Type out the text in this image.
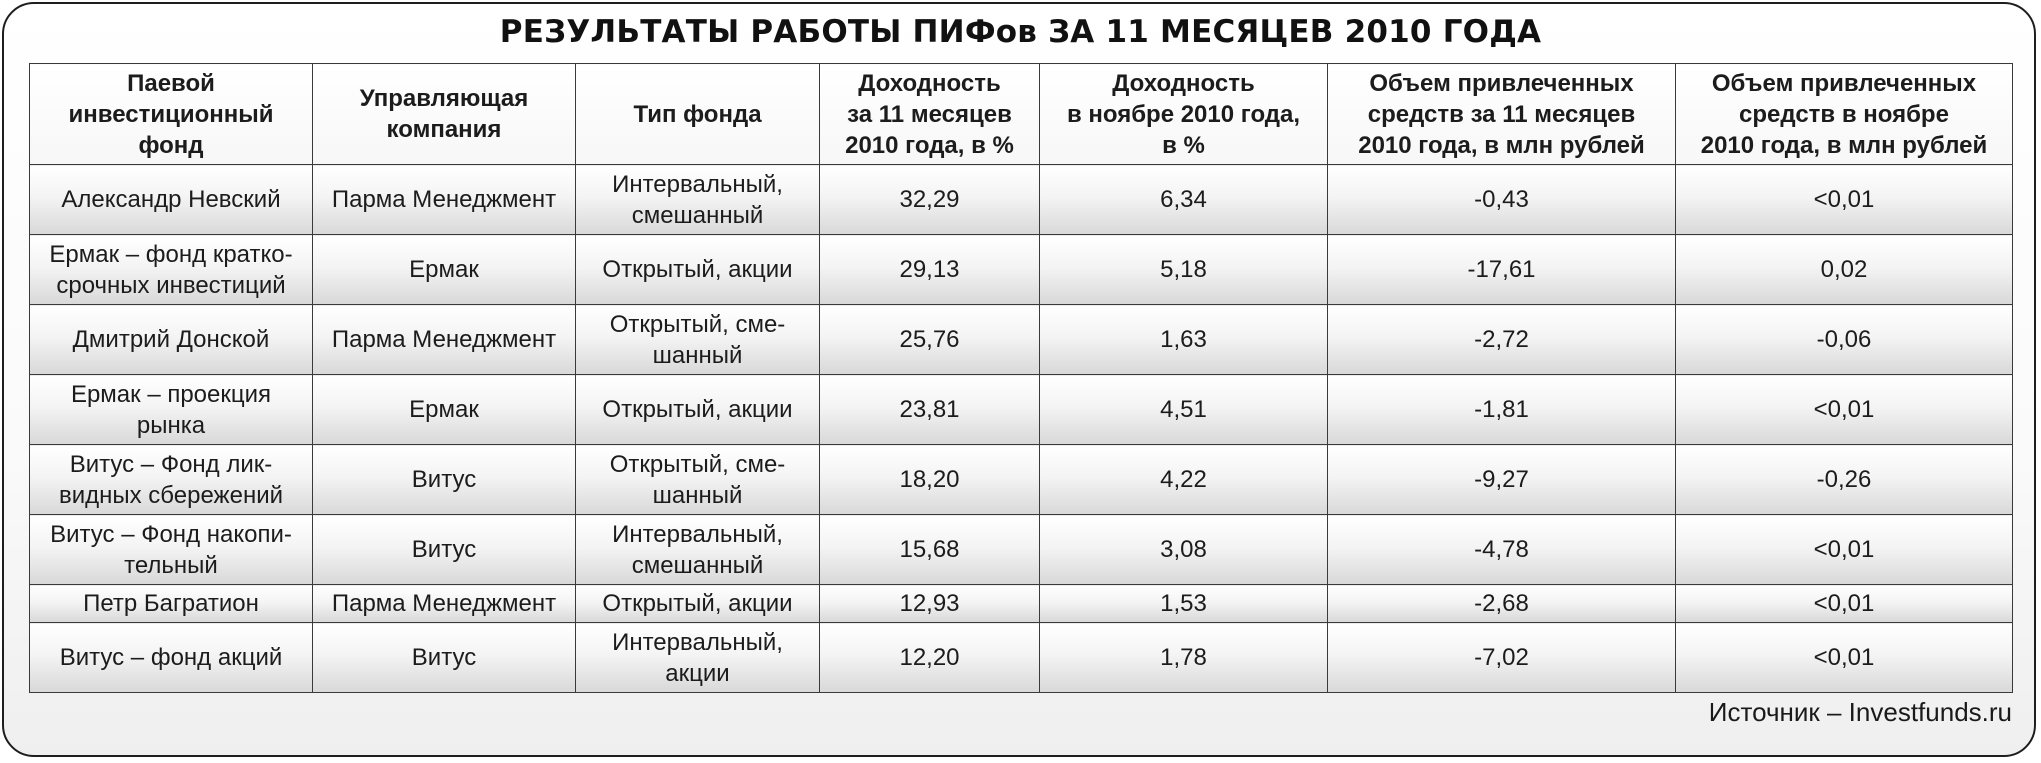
РЕЗУЛЬТАТЫ РАБОТЫ ПИФов ЗА 11 МЕСЯЦЕВ 2010 ГОДА
Паевой
инвестиционный
фонд	Управляющая
компания	Тип фонда	Доходность
за 11 месяцев
2010 года, в %	Доходность
в ноябре 2010 года,
в %	Объем привлеченных
средств за 11 месяцев
2010 года, в млн рублей	Объем привлеченных
средств в ноябре
2010 года, в млн рублей

Александр Невский	Парма Менеджмент	Интервальный,
смешанный	32,29	6,34	-0,43	<0,01

Ермак – фонд кратко-
срочных инвестиций	Ермак	Открытый, акции	29,13	5,18	-17,61	0,02

Дмитрий Донской	Парма Менеджмент	Открытый, сме-
шанный	25,76	1,63	-2,72	-0,06

Ермак – проекция
рынка	Ермак	Открытый, акции	23,81	4,51	-1,81	<0,01

Витус – Фонд лик-
видных сбережений	Витус	Открытый, сме-
шанный	18,20	4,22	-9,27	-0,26

Витус – Фонд накопи-
тельный	Витус	Интервальный,
смешанный	15,68	3,08	-4,78	<0,01

Петр Багратион	Парма Менеджмент	Открытый, акции	12,93	1,53	-2,68	<0,01

Витус – фонд акций	Витус	Интервальный,
акции	12,20	1,78	-7,02	<0,01

Источник – Investfunds.ru
